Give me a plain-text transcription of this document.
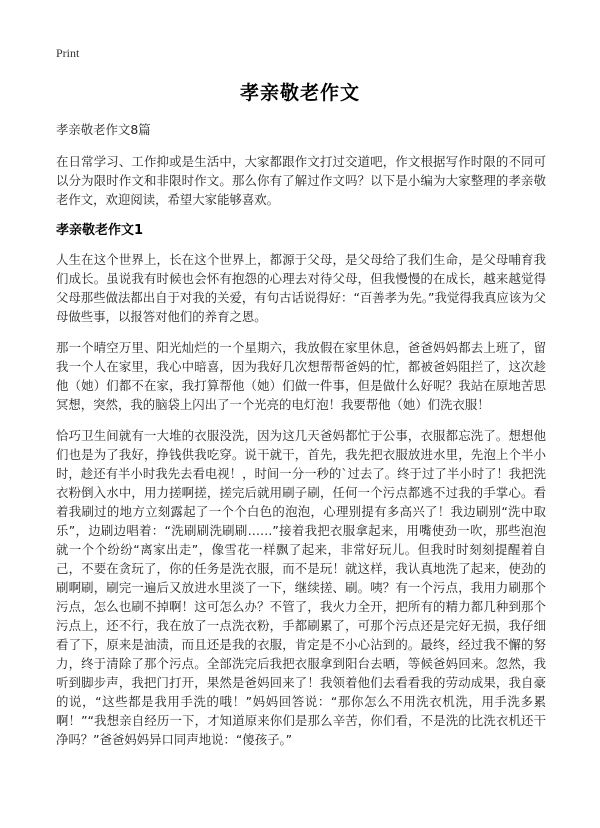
Print
孝亲敬老作文

孝亲敬老作文8篇

在日常学习、工作抑或是生活中，大家都跟作文打过交道吧，作文根据写作时限的不同可以分为限时作文和非限时作文。那么你有了解过作文吗？以下是小编为大家整理的孝亲敬老作文，欢迎阅读，希望大家能够喜欢。

孝亲敬老作文1

人生在这个世界上，长在这个世界上，都源于父母，是父母给了我们生命，是父母哺育我们成长。虽说我有时候也会怀有抱怨的心理去对待父母，但我慢慢的在成长，越来越觉得父母那些做法都出自于对我的关爱，有句古话说得好：“百善孝为先。”我觉得我真应该为父母做些事，以报答对他们的养育之恩。

那一个晴空万里、阳光灿烂的一个星期六，我放假在家里休息，爸爸妈妈都去上班了，留我一个人在家里，我心中暗喜，因为我好几次想帮帮爸妈的忙，都被爸妈阻拦了，这次趁他（她）们都不在家，我打算帮他（她）们做一件事，但是做什么好呢？我站在原地苦思冥想，突然，我的脑袋上闪出了一个光亮的电灯泡！我要帮他（她）们洗衣服！

恰巧卫生间就有一大堆的衣服没洗，因为这几天爸妈都忙于公事，衣服都忘洗了。想想他们也是为了我好，挣钱供我吃穿。说干就干，首先，我先把衣服放进水里，先泡上个半小时，趁还有半小时我先去看电视！，时间一分一秒的`过去了。终于过了半小时了！我把洗衣粉倒入水中，用力搓啊搓，搓完后就用刷子刷，任何一个污点都逃不过我的手掌心。看着我刷过的地方立刻露起了一个个白色的泡泡，心理别提有多高兴了！我边刷别“洗中取乐”，边刷边唱着：“洗刷刷洗刷刷……”接着我把衣服拿起来，用嘴使劲一吹，那些泡泡就一个个纷纷“离家出走”，像雪花一样飘了起来，非常好玩儿。但我时时刻刻提醒着自己，不要在贪玩了，你的任务是洗衣服，而不是玩！就这样，我认真地洗了起来，使劲的刷啊刷，刷完一遍后又放进水里淡了一下，继续搓、刷。咦？有一个污点，我用力刷那个污点，怎么也刷不掉啊！这可怎么办？不管了，我火力全开，把所有的精力都几种到那个污点上，还不行，我在放了一点洗衣粉，手都刷累了，可那个污点还是完好无损，我仔细看了下，原来是油渍，而且还是我的衣服，肯定是不小心沾到的。最终，经过我不懈的努力，终于清除了那个污点。全部洗完后我把衣服拿到阳台去晒，等候爸妈回来。忽然，我听到脚步声，我把门打开，果然是爸妈回来了！我领着他们去看看我的劳动成果，我自豪的说，“这些都是我用手洗的哦！”妈妈回答说：“那你怎么不用洗衣机洗，用手洗多累啊！”“我想亲自经历一下，才知道原来你们是那么辛苦，你们看，不是洗的比洗衣机还干净吗？”爸爸妈妈异口同声地说：“傻孩子。”
